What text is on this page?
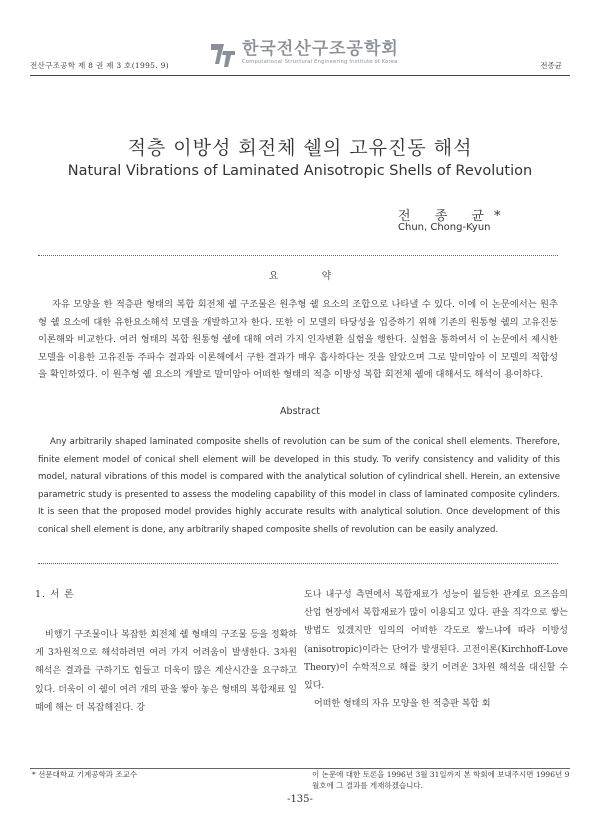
전산구조공학 제 8 권 제 3 호(1995. 9)
한국전산구조공학회
Computational Structural Engineering Institute of Korea	전종균
적층 이방성 회전체 쉘의 고유진동 해석
Natural Vibrations of Laminated Anisotropic Shells of Revolution
전 종 균*
Chun, Chong-Kyun
요 약
자유 모양을 한 적층판 형태의 복합 회전체 쉘 구조물은 원추형 쉘 요소의 조합으로 나타낼 수 있다. 이에 이 논문에서는 원추형 쉘 요소에 대한 유한요소해석 모델을 개발하고자 한다. 또한 이 모델의 타당성을 입증하기 위해 기존의 원통형 쉘의 고유진동 이론해와 비교한다. 여러 형태의 복합 원통형 쉘에 대해 여러 가지 인자변환 실험을 행한다. 실험을 통하여서 이 논문에서 제시한 모델을 이용한 고유진동 주파수 결과와 이론해에서 구한 결과가 매우 흡사하다는 것을 알았으며 그로 말미암아 이 모델의 적합성을 확인하였다. 이 원추형 쉘 요소의 개발로 말미암아 어떠한 형태의 적층 이방성 복합 회전체 쉘에 대해서도 해석이 용이하다.
Abstract
Any arbitrarily shaped laminated composite shells of revolution can be sum of the conical shell elements. Therefore, finite element model of conical shell element will be developed in this study. To verify consistency and validity of this model, natural vibrations of this model is compared with the analytical solution of cylindrical shell. Herein, an extensive parametric study is presented to assess the modeling capability of this model in class of laminated composite cylinders. It is seen that the proposed model provides highly accurate results with analytical solution. Once development of this conical shell element is done, any arbitrarily shaped composite shells of revolution can be easily analyzed.
1. 서 론
비행기 구조물이나 복잡한 회전체 쉘 형태의 구조물 등을 정확하게 3차원적으로 해석하려면 여러 가지 어려움이 발생한다. 3차원 해석은 결과를 구하기도 힘들고 더욱이 많은 계산시간을 요구하고 있다. 더욱이 이 쉘이 여러 개의 판을 쌓아 놓은 형태의 복합재료 일 때에 해는 더 복잡해진다. 강

도나 내구성 측면에서 복합재료가 성능이 월등한 관계로 요즈음의 산업 현장에서 복합재료가 많이 이용되고 있다. 판을 직각으로 쌓는 방법도 있겠지만 임의의 어떠한 각도로 쌓느냐에 따라 이방성(anisotropic)이라는 단어가 발생된다. 고전이론(Kirchhoff-Love Theory)이 수학적으로 해를 찾기 어려운 3차원 해석을 대신할 수 있다.

어떠한 형태의 자유 모양을 한 적층판 복합 회

* 선문대학교 기계공학과 조교수	이 논문에 대한 토론을 1996년 3월 31일까지 본 학회에 보내주시면 1996년 9월호에 그 결과를 게재하겠습니다.
-135-
